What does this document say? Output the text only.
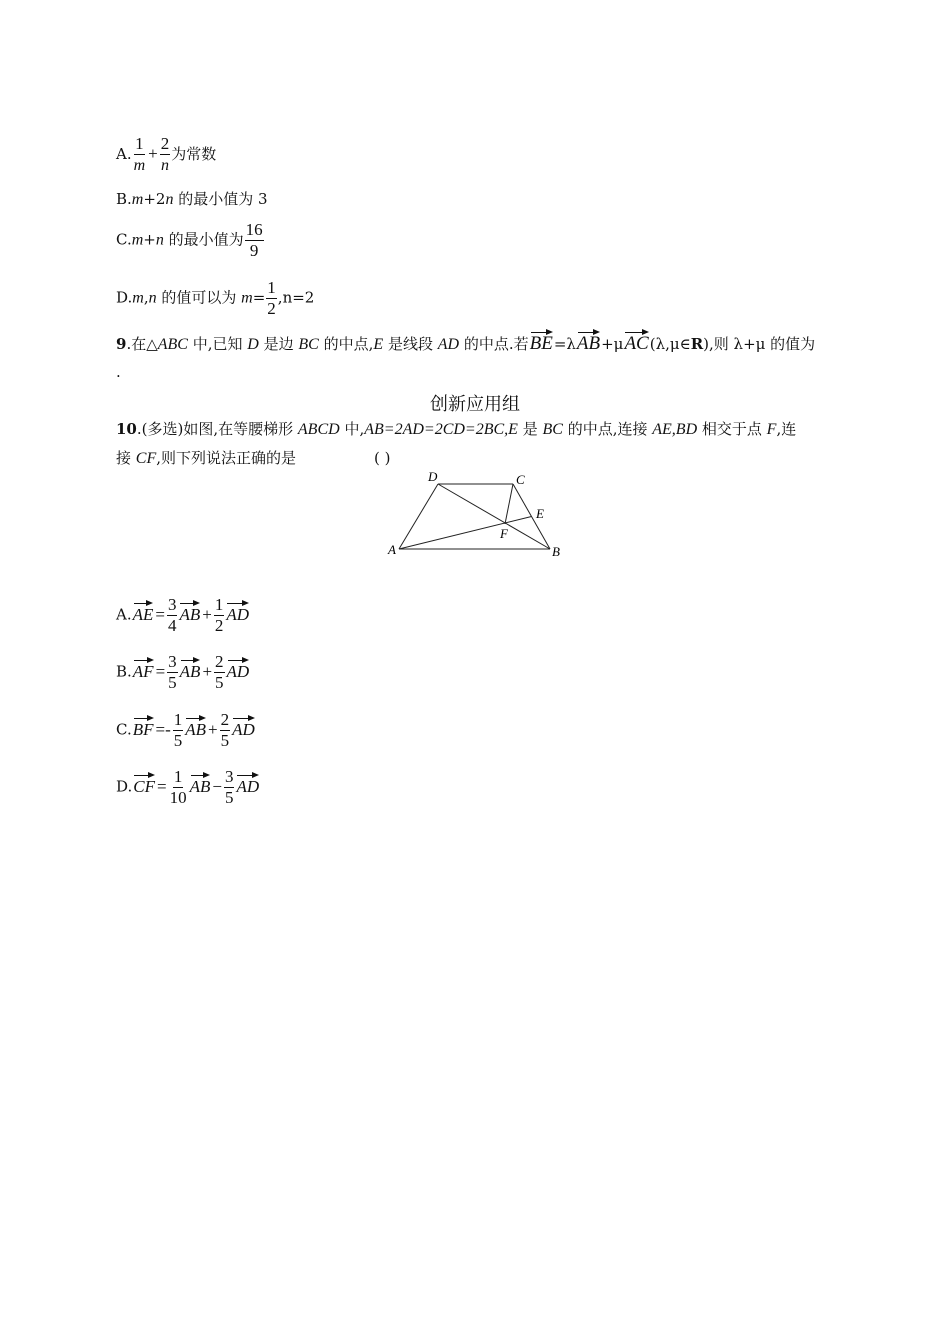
A. $\frac{1}{m} + \frac{2}{n}$ 为常数
B.m+2n 的最小值为 3
C.m+n 的最小值为 $\frac{16}{9}$
D.m,n 的值可以为 $m= \frac{1}{2} ,n=2$
9.在△ABC 中,已知 D 是边 BC 的中点,E 是线段 AD 的中点.若BE=λAB+μAC(λ,μ∈R),则 λ+μ 的值为
.
创新应用组
10.(多选)如图,在等腰梯形 ABCD 中,AB=2AD=2CD=2BC,E 是 BC 的中点,连接 AE,BD 相交于点 F,连
接 CF,则下列说法正确的是	( )
A	B
C
D
E
F
$A.AE = \frac{3}{4}$ AB + $\frac{1}{2}$ AD
$B.AF = \frac{3}{5}$ AB + $\frac{2}{5}$ AD
$C.BF =- \frac{1}{5}$ AB + $\frac{2}{5}$ AD
$D.CF = \frac{1}{10}$ AB − $\frac{3}{5}$ AD
